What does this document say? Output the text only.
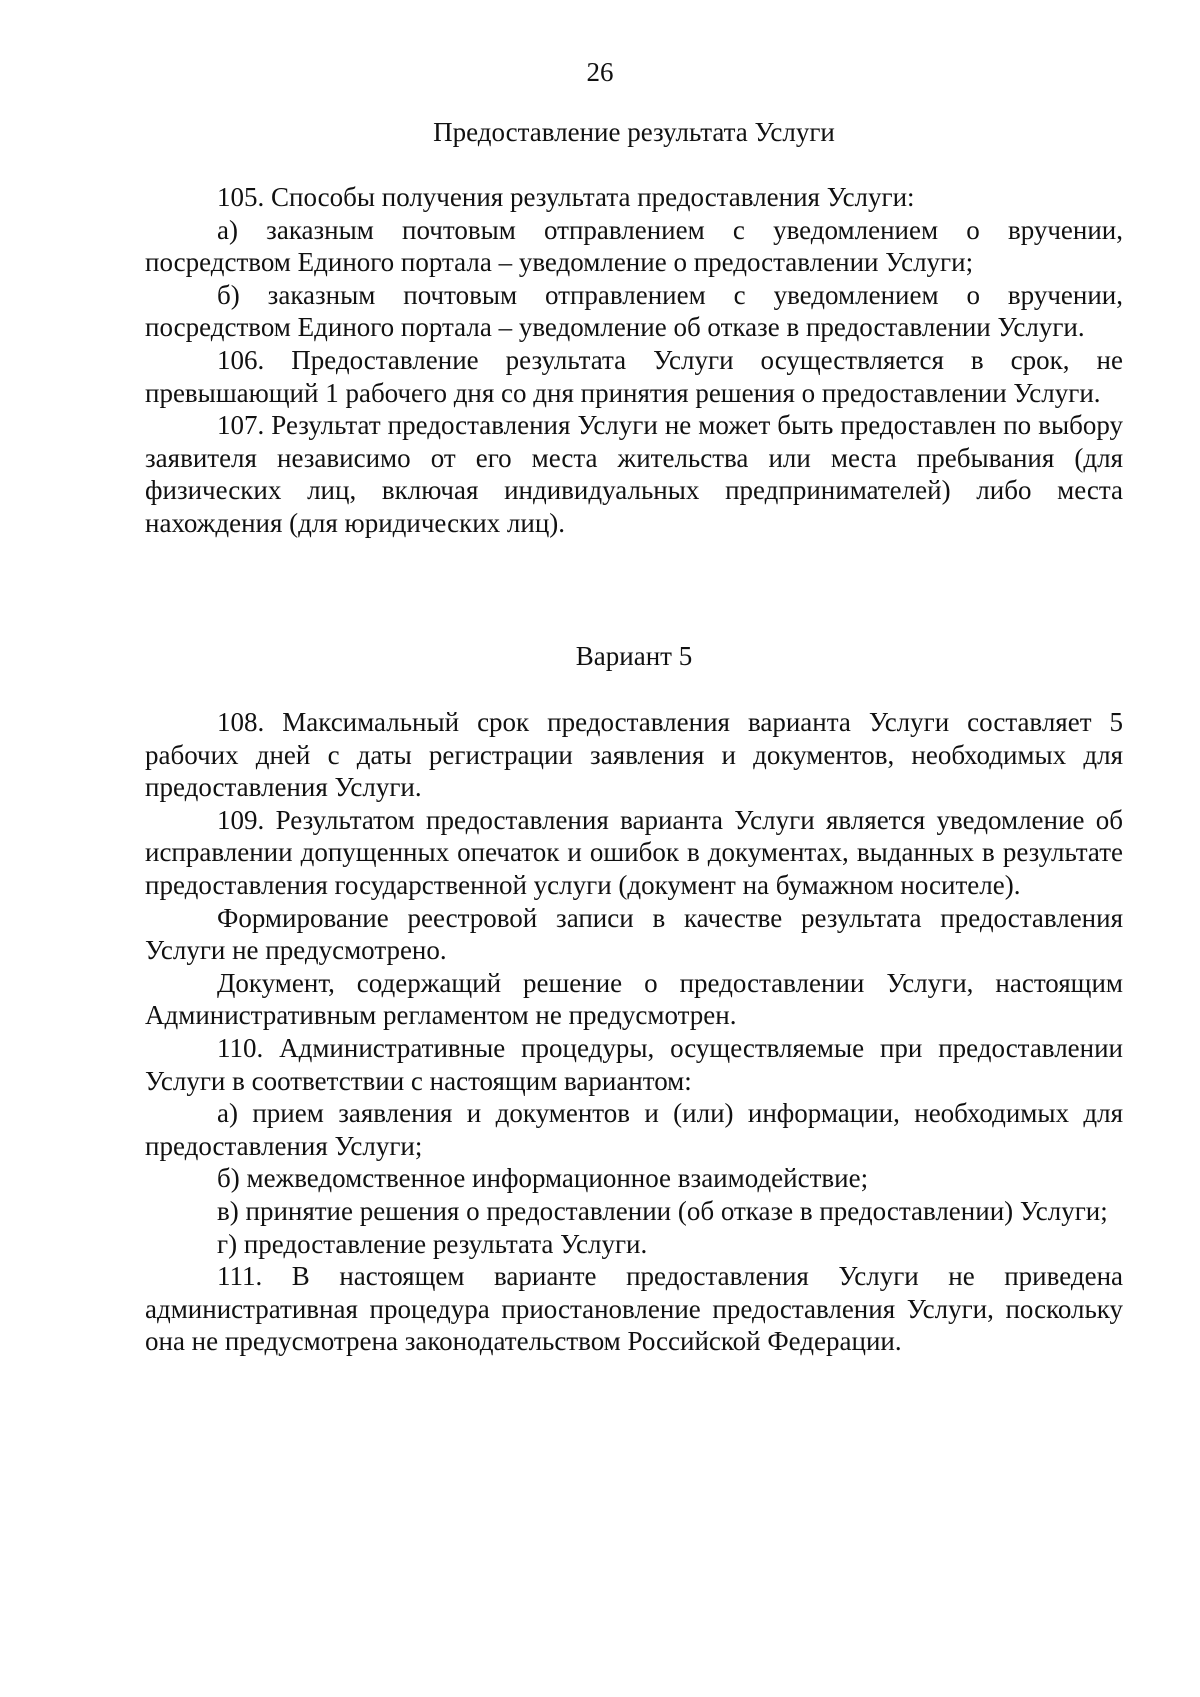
26
Предоставление результата Услуги

105. Способы получения результата предоставления Услуги:

а) заказным почтовым отправлением с уведомлением о вручении, посредством Единого портала – уведомление о предоставлении Услуги;

б) заказным почтовым отправлением с уведомлением о вручении, посредством Единого портала – уведомление об отказе в предоставлении Услуги.

106. Предоставление результата Услуги осуществляется в срок, не превышающий 1 рабочего дня со дня принятия решения о предоставлении Услуги.

107. Результат предоставления Услуги не может быть предоставлен по выбору заявителя независимо от его места жительства или места пребывания (для физических лиц, включая индивидуальных предпринимателей) либо места нахождения (для юридических лиц).

Вариант 5

108. Максимальный срок предоставления варианта Услуги составляет 5 рабочих дней с даты регистрации заявления и документов, необходимых для предоставления Услуги.

109. Результатом предоставления варианта Услуги является уведомление об исправлении допущенных опечаток и ошибок в документах, выданных в результате предоставления государственной услуги (документ на бумажном носителе).

Формирование реестровой записи в качестве результата предоставления Услуги не предусмотрено.

Документ, содержащий решение о предоставлении Услуги, настоящим Административным регламентом не предусмотрен.

110. Административные процедуры, осуществляемые при предоставлении Услуги в соответствии с настоящим вариантом:

а) прием заявления и документов и (или) информации, необходимых для предоставления Услуги;

б) межведомственное информационное взаимодействие;

в) принятие решения о предоставлении (об отказе в предоставлении) Услуги;

г) предоставление результата Услуги.

111. В настоящем варианте предоставления Услуги не приведена административная процедура приостановление предоставления Услуги, поскольку она не предусмотрена законодательством Российской Федерации.
